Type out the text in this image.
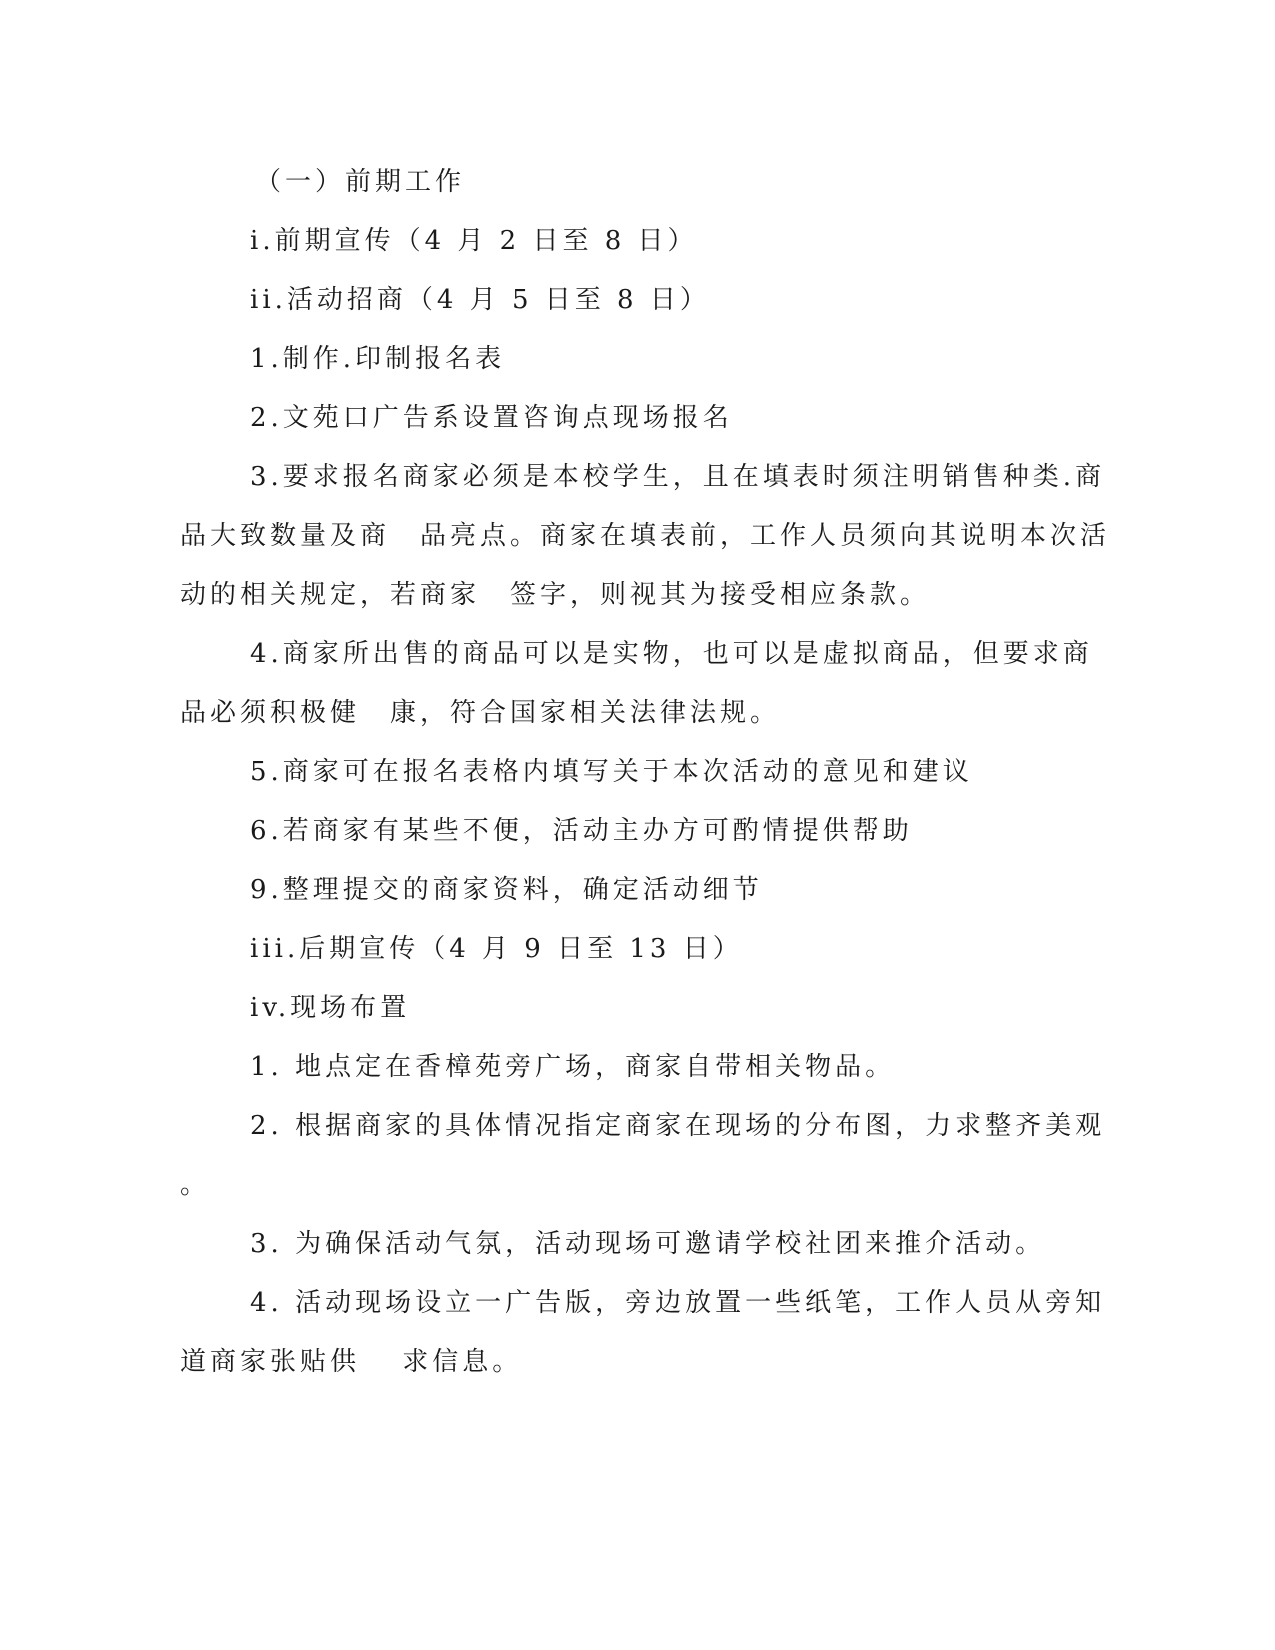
（一）前期工作

i.前期宣传（4 月 2 日至 8 日）

ii.活动招商（4 月 5 日至 8 日）

1.制作.印制报名表

2.文苑口广告系设置咨询点现场报名

3.要求报名商家必须是本校学生，且在填表时须注明销售种类.商

品大致数量及商　品亮点。商家在填表前，工作人员须向其说明本次活

动的相关规定，若商家　签字，则视其为接受相应条款。

4.商家所出售的商品可以是实物，也可以是虚拟商品，但要求商

品必须积极健　康，符合国家相关法律法规。

5.商家可在报名表格内填写关于本次活动的意见和建议

6.若商家有某些不便，活动主办方可酌情提供帮助

9.整理提交的商家资料，确定活动细节

iii.后期宣传（4 月 9 日至 13 日）

iv.现场布置

1. 地点定在香樟苑旁广场，商家自带相关物品。

2. 根据商家的具体情况指定商家在现场的分布图，力求整齐美观

。

3. 为确保活动气氛，活动现场可邀请学校社团来推介活动。

4. 活动现场设立一广告版，旁边放置一些纸笔，工作人员从旁知

道商家张贴供　 求信息。
